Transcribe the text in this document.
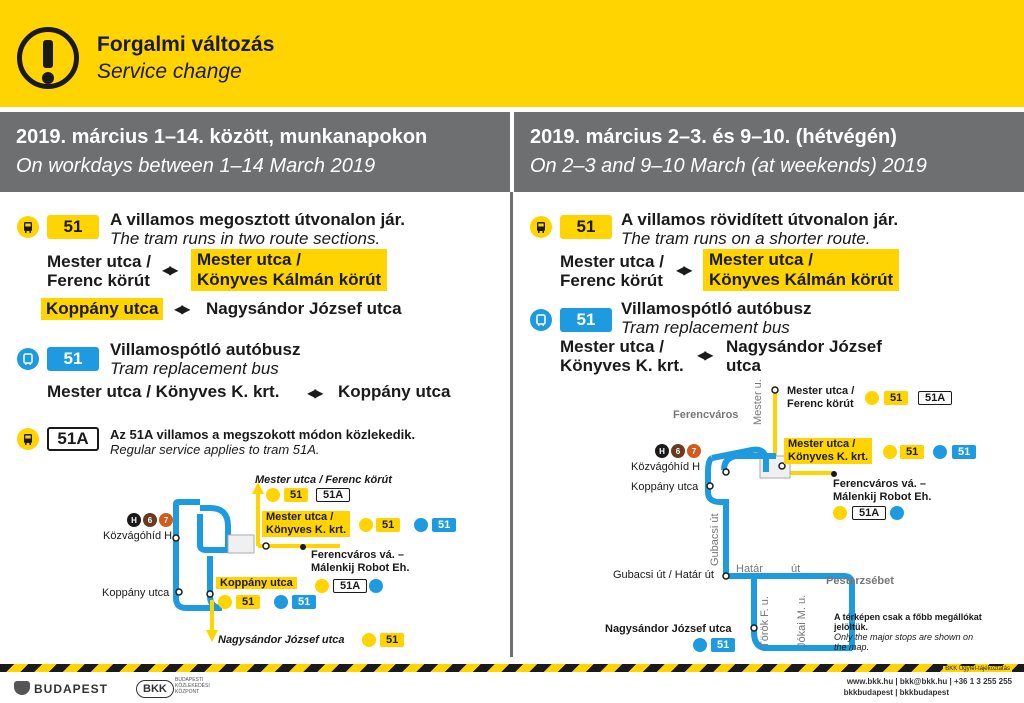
Forgalmi változás
Service change
2019. március 1–14. között, munkanapokon
On workdays between 1–14 March 2019
2019. március 2–3. és 9–10. (hétvégén)
On 2–3 and 9–10 March (at weekends) 2019
51	A villamos megosztott útvonalon jár.
The tram runs in two route sections.
Mester utca /
Ferenc körút
◀▶
Mester utca /
Könyves Kálmán körút
Koppány utca	◀▶ Nagysándor József utca
51	Villamospótló autóbusz
Tram replacement bus
Mester utca / Könyves K. krt. ◀▶ Koppány utca
51A	Az 51A villamos a megszokott módon közlekedik.
Regular service applies to tram 51A.
Mester utca / Ferenc körút
51	51A
Mester utca /
Könyves K. krt.	51	51
Ferencváros vá. –
Málenkij Robot Eh.
51A
H	6	7
Közvágóhíd H
Koppány utca
Koppány utca
51	51
Nagysándor József utca	51
51	A villamos rövidített útvonalon jár.
The tram runs on a shorter route.
Mester utca /
Ferenc körút
◀▶
Mester utca /
Könyves Kálmán körút
51
Villamospótló autóbusz
Tram replacement bus
Mester utca /
Könyves K. krt.
◀▶ Nagysándor József
utca
Mester utca /
Ferenc körút	51	51A
Ferencváros Mester u.
Mester utca /
Könyves K. krt.	51	51
Ferencváros vá. –
Málenkij Robot Eh.
51A
H	6	7
Közvágóhíd H
Koppány utca
Gubacsi út
Gubacsi út / Határ út Határ	út
Pesterzsébet
Török F. u. Jókai M. u.
Nagysándor József utca
51
A térképen csak a főbb megállókat jelöltük.
Only the major stops are shown on the map.
BKK Ügyfél-tájékoztatás
BUDAPEST	BKK
BUDAPESTI
KÖZLEKEDÉSI
KÖZPONT
www.bkk.hu | bkk@bkk.hu | +36 1 3 255 255
bkkbudapest | bkkbudapest
